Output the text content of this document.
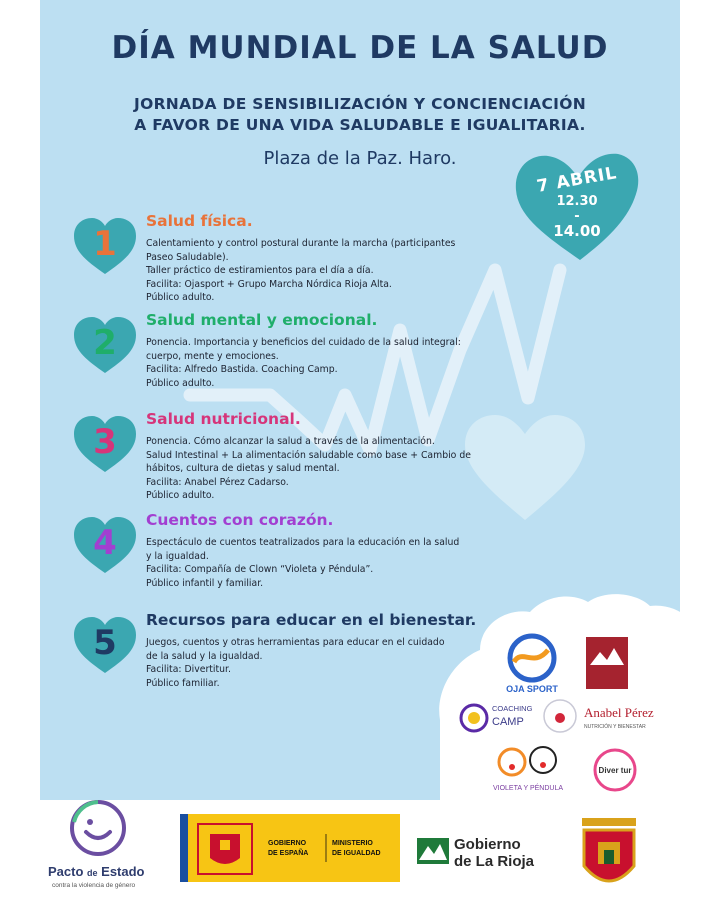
DÍA MUNDIAL DE LA SALUD
JORNADA DE SENSIBILIZACIÓN Y CONCIENCIACIÓN
A FAVOR DE UNA VIDA SALUDABLE E IGUALITARIA.
Plaza de la Paz. Haro.
7 ABRIL
12.30
-
14.00
1
Salud física.
Calentamiento y control postural durante la marcha (participantes
Paseo Saludable).
Taller práctico de estiramientos para el día a día.
Facilita: Ojasport + Grupo Marcha Nórdica Rioja Alta.
Público adulto.
2
Salud mental y emocional.
Ponencia. Importancia y beneficios del cuidado de la salud integral:
cuerpo, mente y emociones.
Facilita: Alfredo Bastida. Coaching Camp.
Público adulto.
3
Salud nutricional.
Ponencia. Cómo alcanzar la salud a través de la alimentación.
Salud Intestinal + La alimentación saludable como base + Cambio de
hábitos, cultura de dietas y salud mental.
Facilita: Anabel Pérez Cadarso.
Público adulto.
4
Cuentos con corazón.
Espectáculo de cuentos teatralizados para la educación en la salud
y la igualdad.
Facilita: Compañía de Clown “Violeta y Péndula”.
Público infantil y familiar.
5
Recursos para educar en el bienestar.
Juegos, cuentos y otras herramientas para educar en el cuidado
de la salud y la igualdad.
Facilita: Divertitur.
Público familiar.
OJA SPORT
COACHING
CAMP
Anabel Pérez
NUTRICIÓN Y BIENESTAR
VIOLETA Y PÉNDULA
Diver tur
Pacto de Estado
contra la violencia de género
GOBIERNO
DE ESPAÑA
MINISTERIO
DE IGUALDAD
Gobierno
de La Rioja
